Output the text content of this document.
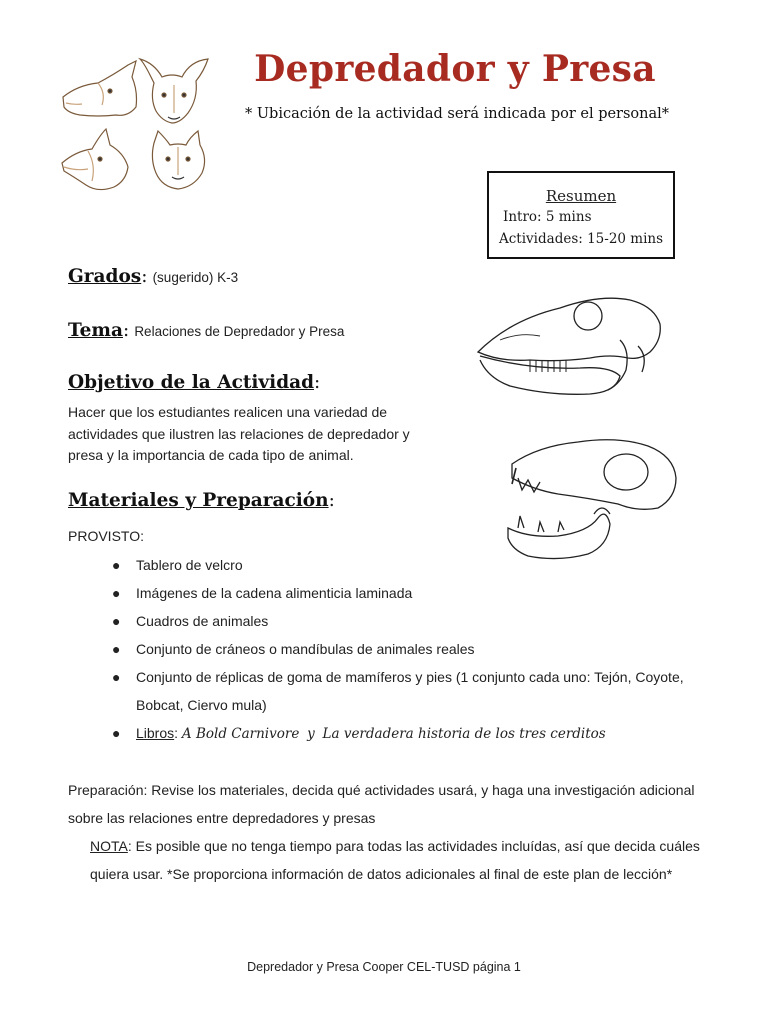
Depredador y Presa
* Ubicación de la actividad será indicada por el personal*
Resumen
Intro: 5 mins
Actividades: 15-20 mins
Grados: (sugerido) K-3
Tema: Relaciones de Depredador y Presa
Objetivo de la Actividad:
Hacer que los estudiantes realicen una variedad de actividades que ilustren las relaciones de depredador y presa y la importancia de cada tipo de animal.
Materiales y Preparación:
PROVISTO:
● Tablero de velcro
● Imágenes de la cadena alimenticia laminada
● Cuadros de animales
● Conjunto de cráneos o mandíbulas de animales reales
● Conjunto de réplicas de goma de mamíferos y pies (1 conjunto cada uno: Tejón, Coyote, Bobcat, Ciervo mula)
● Libros: A Bold Carnivore y La verdadera historia de los tres cerditos
Preparación: Revise los materiales, decida qué actividades usará, y haga una investigación adicional sobre las relaciones entre depredadores y presas
NOTA: Es posible que no tenga tiempo para todas las actividades incluídas, así que decida cuáles quiera usar. *Se proporciona información de datos adicionales al final de este plan de lección*
Depredador y Presa Cooper CEL-TUSD página 1
